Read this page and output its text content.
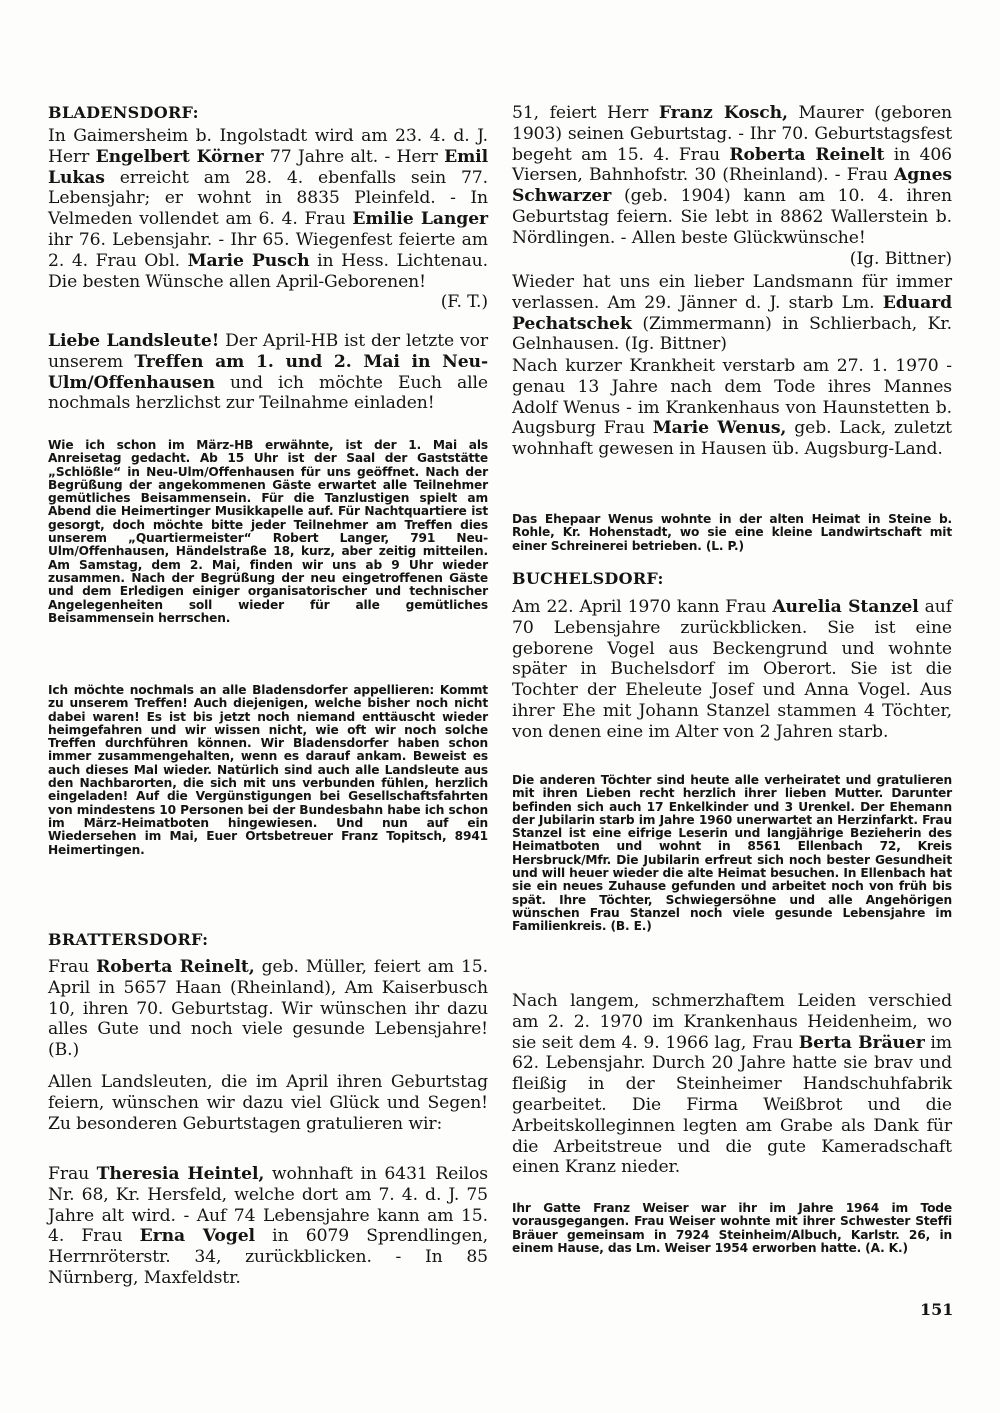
BLADENSDORF:
In Gaimersheim b. Ingolstadt wird am 23. 4. d. J. Herr Engelbert Körner 77 Jahre alt. - Herr Emil Lukas erreicht am 28. 4. ebenfalls sein 77. Lebensjahr; er wohnt in 8835 Pleinfeld. - In Velmeden vollendet am 6. 4. Frau Emilie Langer ihr 76. Lebensjahr. - Ihr 65. Wiegenfest feierte am 2. 4. Frau Obl. Marie Pusch in Hess. Lichtenau. Die besten Wünsche allen April-Geborenen!
(F. T.)
Liebe Landsleute! Der April-HB ist der letzte vor unserem Treffen am 1. und 2. Mai in Neu-Ulm/Offenhausen und ich möchte Euch alle nochmals herzlichst zur Teilnahme einladen!
Wie ich schon im März-HB erwähnte, ist der 1. Mai als Anreisetag gedacht. Ab 15 Uhr ist der Saal der Gaststätte „Schlößle“ in Neu-Ulm/Offenhausen für uns geöffnet. Nach der Begrüßung der angekommenen Gäste erwartet alle Teilnehmer gemütliches Beisammensein. Für die Tanzlustigen spielt am Abend die Heimertinger Musikkapelle auf. Für Nachtquartiere ist gesorgt, doch möchte bitte jeder Teilnehmer am Treffen dies unserem „Quartiermeister“ Robert Langer, 791 Neu-Ulm/Offenhausen, Händelstraße 18, kurz, aber zeitig mitteilen. Am Samstag, dem 2. Mai, finden wir uns ab 9 Uhr wieder zusammen. Nach der Begrüßung der neu eingetroffenen Gäste und dem Erledigen einiger organisatorischer und technischer Angelegenheiten soll wieder für alle gemütliches Beisammensein herrschen.
Ich möchte nochmals an alle Bladensdorfer appellieren: Kommt zu unserem Treffen! Auch diejenigen, welche bisher noch nicht dabei waren! Es ist bis jetzt noch niemand enttäuscht wieder heimgefahren und wir wissen nicht, wie oft wir noch solche Treffen durchführen können. Wir Bladensdorfer haben schon immer zusammengehalten, wenn es darauf ankam. Beweist es auch dieses Mal wieder. Natürlich sind auch alle Landsleute aus den Nachbarorten, die sich mit uns verbunden fühlen, herzlich eingeladen! Auf die Vergünstigungen bei Gesellschaftsfahrten von mindestens 10 Personen bei der Bundesbahn habe ich schon im März-Heimatboten hingewiesen. Und nun auf ein Wiedersehen im Mai, Euer Ortsbetreuer Franz Topitsch, 8941 Heimertingen.
BRATTERSDORF:
Frau Roberta Reinelt, geb. Müller, feiert am 15. April in 5657 Haan (Rheinland), Am Kaiserbusch 10, ihren 70. Geburtstag. Wir wünschen ihr dazu alles Gute und noch viele gesunde Lebensjahre! (B.)
Allen Landsleuten, die im April ihren Geburtstag feiern, wünschen wir dazu viel Glück und Segen! Zu besonderen Geburtstagen gratulieren wir:
Frau Theresia Heintel, wohnhaft in 6431 Reilos Nr. 68, Kr. Hersfeld, welche dort am 7. 4. d. J. 75 Jahre alt wird. - Auf 74 Lebensjahre kann am 15. 4. Frau Erna Vogel in 6079 Sprendlingen, Herrnröterstr. 34, zurückblicken. - In 85 Nürnberg, Maxfeldstr.
51, feiert Herr Franz Kosch, Maurer (geboren 1903) seinen Geburtstag. - Ihr 70. Geburtstagsfest begeht am 15. 4. Frau Roberta Reinelt in 406 Viersen, Bahnhofstr. 30 (Rheinland). - Frau Agnes Schwarzer (geb. 1904) kann am 10. 4. ihren Geburtstag feiern. Sie lebt in 8862 Wallerstein b. Nördlingen. - Allen beste Glückwünsche!
(Ig. Bittner)
Wieder hat uns ein lieber Landsmann für immer verlassen. Am 29. Jänner d. J. starb Lm. Eduard Pechatschek (Zimmermann) in Schlierbach, Kr. Gelnhausen. (Ig. Bittner)
Nach kurzer Krankheit verstarb am 27. 1. 1970 - genau 13 Jahre nach dem Tode ihres Mannes Adolf Wenus - im Krankenhaus von Haunstetten b. Augsburg Frau Marie Wenus, geb. Lack, zuletzt wohnhaft gewesen in Hausen üb. Augsburg-Land.
Das Ehepaar Wenus wohnte in der alten Heimat in Steine b. Rohle, Kr. Hohenstadt, wo sie eine kleine Landwirtschaft mit einer Schreinerei betrieben. (L. P.)
BUCHELSDORF:
Am 22. April 1970 kann Frau Aurelia Stanzel auf 70 Lebensjahre zurückblicken. Sie ist eine geborene Vogel aus Beckengrund und wohnte später in Buchelsdorf im Oberort. Sie ist die Tochter der Eheleute Josef und Anna Vogel. Aus ihrer Ehe mit Johann Stanzel stammen 4 Töchter, von denen eine im Alter von 2 Jahren starb.
Die anderen Töchter sind heute alle verheiratet und gratulieren mit ihren Lieben recht herzlich ihrer lieben Mutter. Darunter befinden sich auch 17 Enkelkinder und 3 Urenkel. Der Ehemann der Jubilarin starb im Jahre 1960 unerwartet an Herzinfarkt. Frau Stanzel ist eine eifrige Leserin und langjährige Bezieherin des Heimatboten und wohnt in 8561 Ellenbach 72, Kreis Hersbruck/Mfr. Die Jubilarin erfreut sich noch bester Gesundheit und will heuer wieder die alte Heimat besuchen. In Ellenbach hat sie ein neues Zuhause gefunden und arbeitet noch von früh bis spät. Ihre Töchter, Schwiegersöhne und alle Angehörigen wünschen Frau Stanzel noch viele gesunde Lebensjahre im Familienkreis. (B. E.)
Nach langem, schmerzhaftem Leiden verschied am 2. 2. 1970 im Krankenhaus Heidenheim, wo sie seit dem 4. 9. 1966 lag, Frau Berta Bräuer im 62. Lebensjahr. Durch 20 Jahre hatte sie brav und fleißig in der Steinheimer Handschuhfabrik gearbeitet. Die Firma Weißbrot und die Arbeitskolleginnen legten am Grabe als Dank für die Arbeitstreue und die gute Kameradschaft einen Kranz nieder.
Ihr Gatte Franz Weiser war ihr im Jahre 1964 im Tode vorausgegangen. Frau Weiser wohnte mit ihrer Schwester Steffi Bräuer gemeinsam in 7924 Steinheim/Albuch, Karlstr. 26, in einem Hause, das Lm. Weiser 1954 erworben hatte. (A. K.)
151
